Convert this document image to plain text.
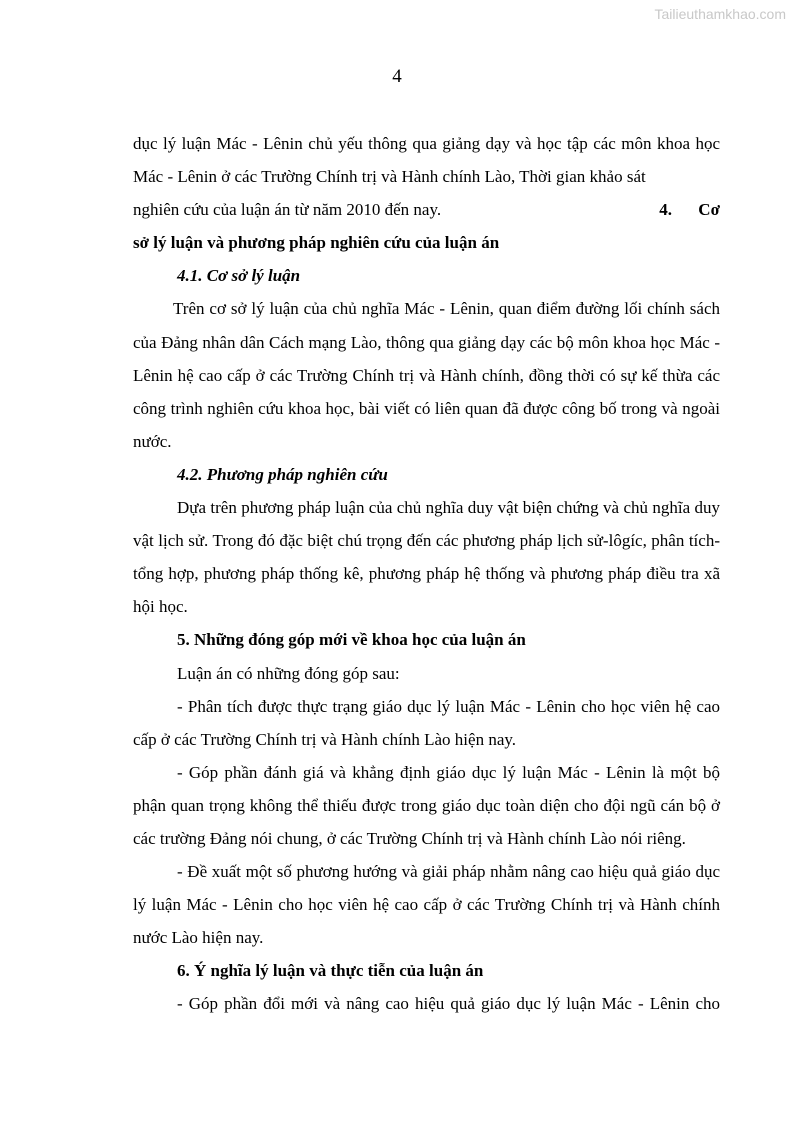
Tailieuthamkhao.com
4

dục lý luận Mác - Lênin chủ yếu thông qua giảng dạy và học tập các môn khoa học Mác - Lênin ở các Trường Chính trị và Hành chính Lào, Thời gian khảo sát

nghiên cứu của luận án từ năm 2010 đến nay.	4. Cơ

sở lý luận và phương pháp nghiên cứu của luận án

4.1. Cơ sở lý luận

Trên cơ sở lý luận của chủ nghĩa Mác - Lênin, quan điểm đường lối chính sách của Đảng nhân dân Cách mạng Lào, thông qua giảng dạy các bộ môn khoa học Mác - Lênin hệ cao cấp ở các Trường Chính trị và Hành chính, đồng thời có sự kế thừa các công trình nghiên cứu khoa học, bài viết có liên quan đã được công bố trong và ngoài nước.

4.2. Phương pháp nghiên cứu

Dựa trên phương pháp luận của chủ nghĩa duy vật biện chứng và chủ nghĩa duy vật lịch sử. Trong đó đặc biệt chú trọng đến các phương pháp lịch sử-lôgíc, phân tích-tổng hợp, phương pháp thống kê, phương pháp hệ thống và phương pháp điều tra xã hội học.

5. Những đóng góp mới về khoa học của luận án

Luận án có những đóng góp sau:

- Phân tích được thực trạng giáo dục lý luận Mác - Lênin cho học viên hệ cao cấp ở các Trường Chính trị và Hành chính Lào hiện nay.

- Góp phần đánh giá và khẳng định giáo dục lý luận Mác - Lênin là một bộ phận quan trọng không thể thiếu được trong giáo dục toàn diện cho đội ngũ cán bộ ở các trường Đảng nói chung, ở các Trường Chính trị và Hành chính Lào nói riêng.

- Đề xuất một số phương hướng và giải pháp nhằm nâng cao hiệu quả giáo dục lý luận Mác - Lênin cho học viên hệ cao cấp ở các Trường Chính trị và Hành chính nước Lào hiện nay.

6. Ý nghĩa lý luận và thực tiễn của luận án

- Góp phần đổi mới và nâng cao hiệu quả giáo dục lý luận Mác - Lênin cho
